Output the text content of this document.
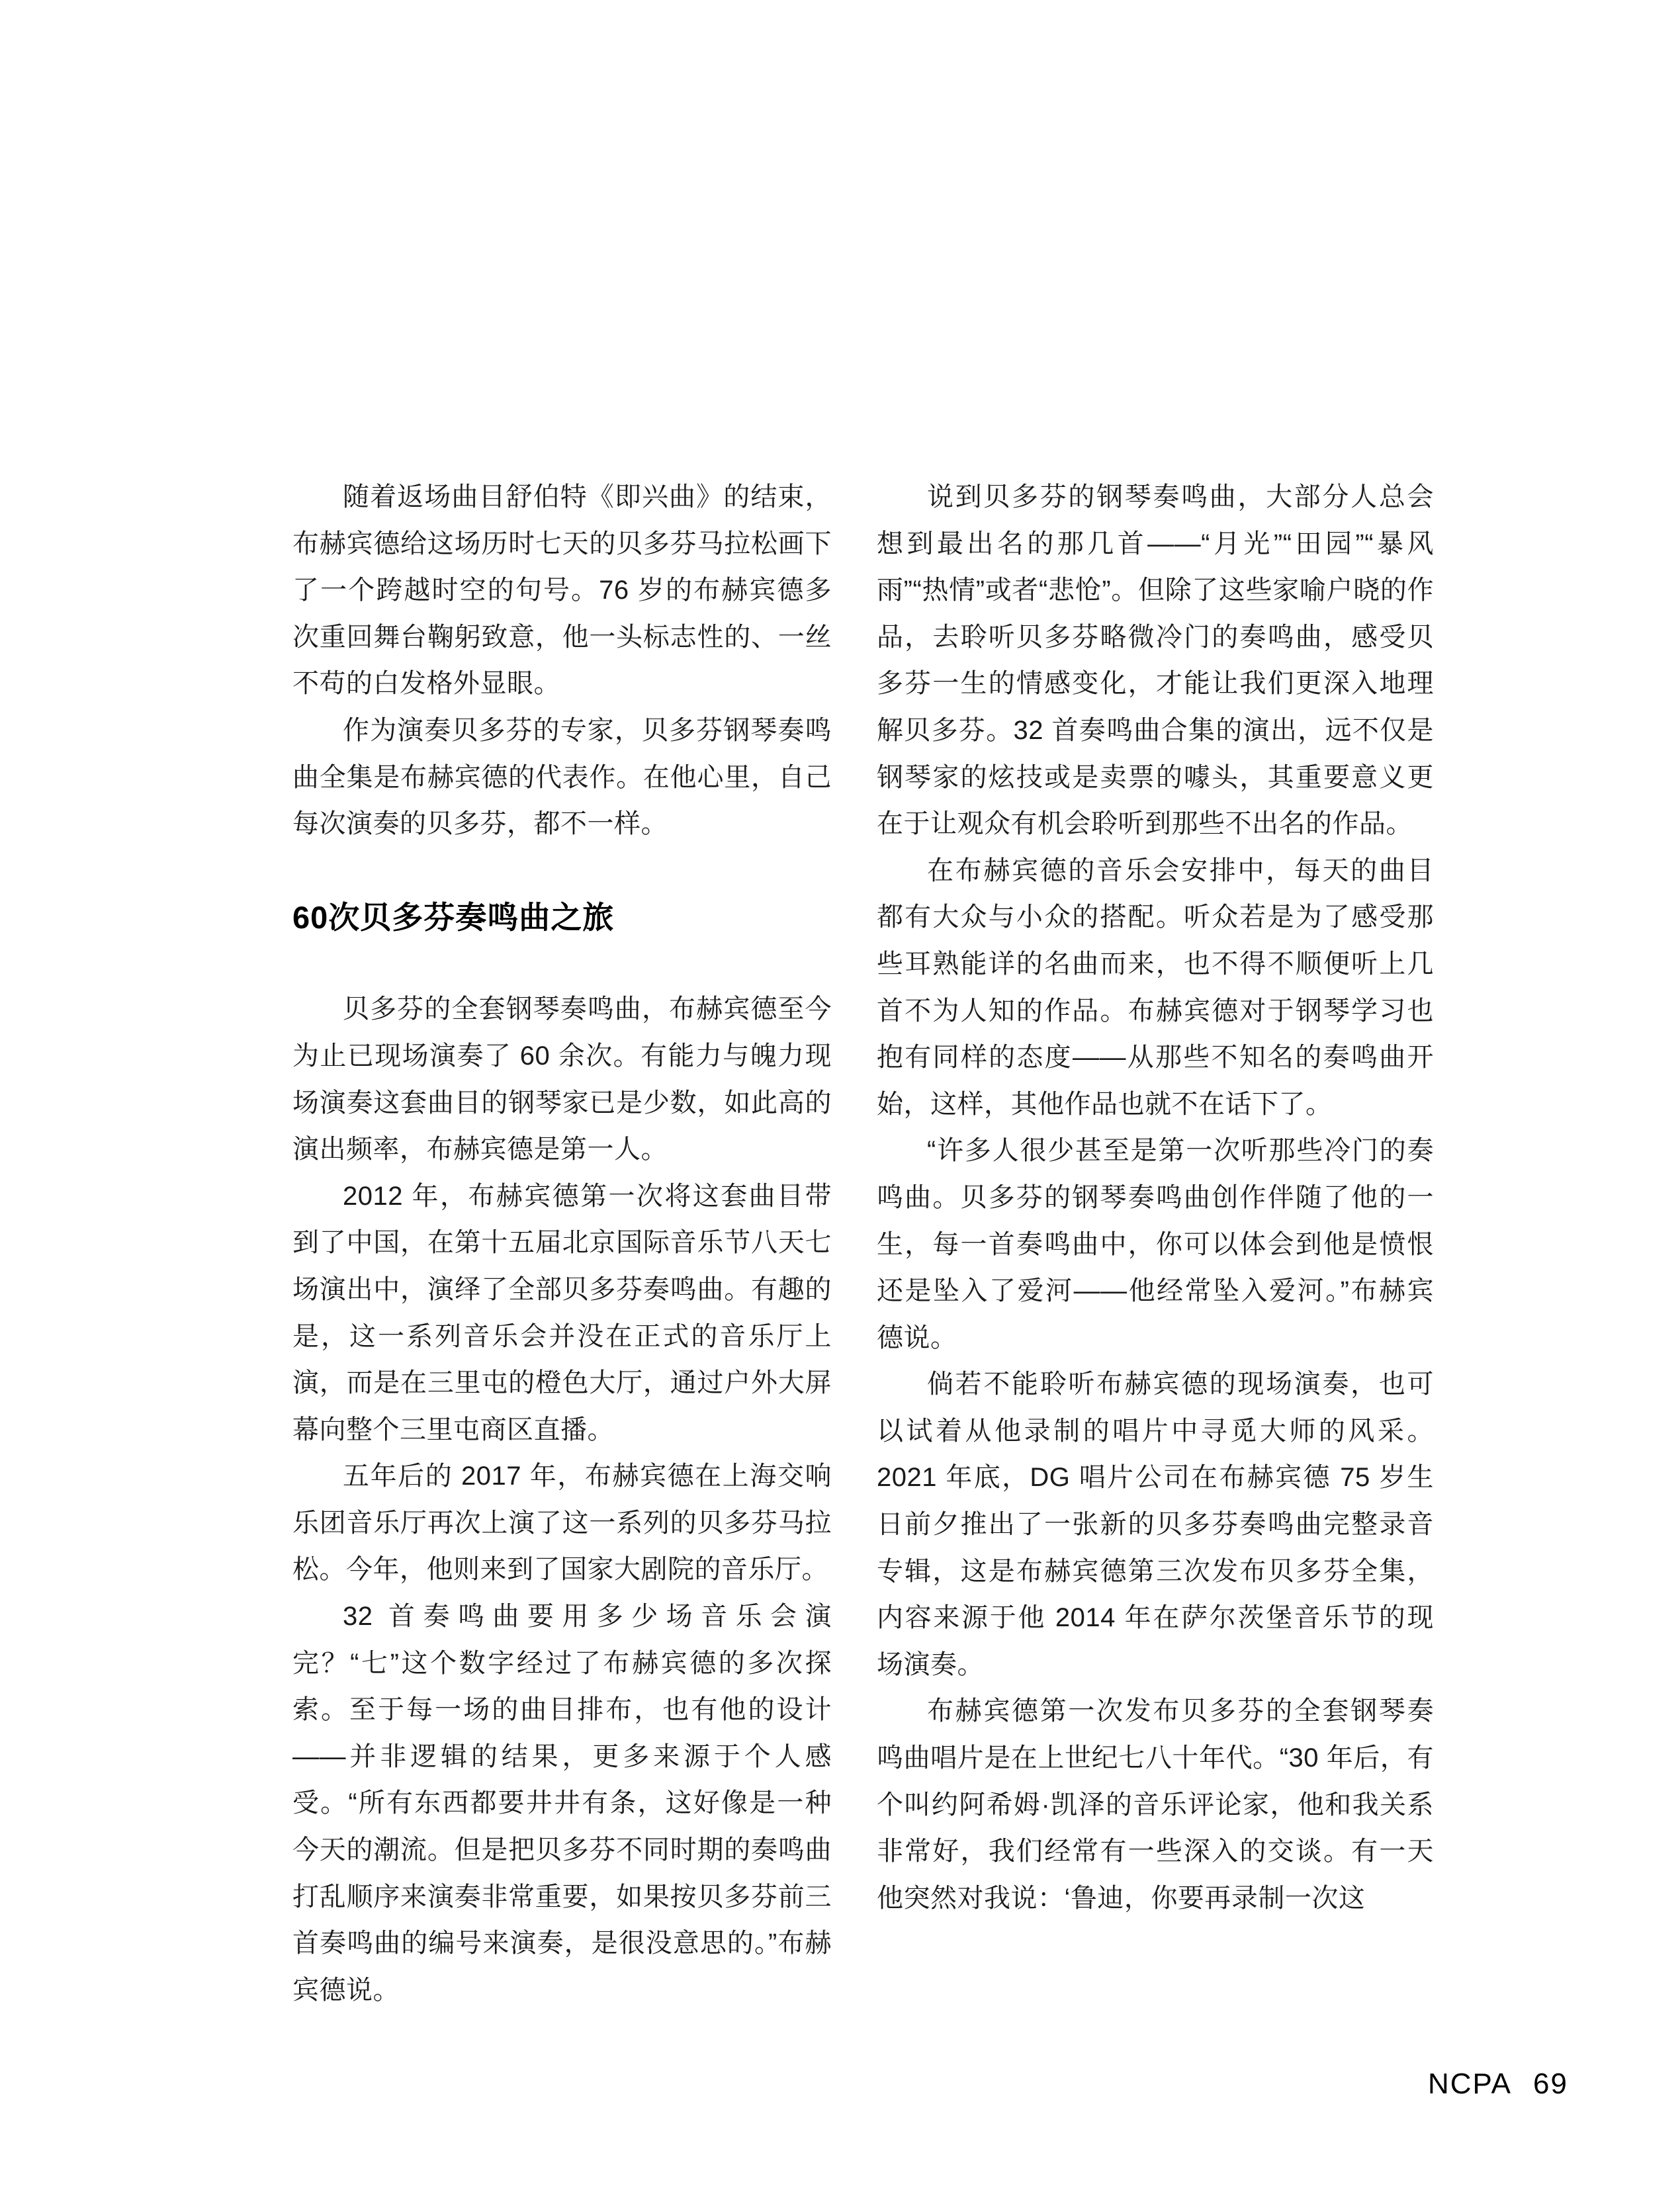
随着返场曲目舒伯特《即兴曲》的结束，布赫宾德给这场历时七天的贝多芬马拉松画下了一个跨越时空的句号。76 岁的布赫宾德多次重回舞台鞠躬致意，他一头标志性的、一丝不苟的白发格外显眼。

作为演奏贝多芬的专家，贝多芬钢琴奏鸣曲全集是布赫宾德的代表作。在他心里，自己每次演奏的贝多芬，都不一样。

60次贝多芬奏鸣曲之旅

贝多芬的全套钢琴奏鸣曲，布赫宾德至今为止已现场演奏了 60 余次。有能力与魄力现场演奏这套曲目的钢琴家已是少数，如此高的演出频率，布赫宾德是第一人。

2012 年，布赫宾德第一次将这套曲目带到了中国，在第十五届北京国际音乐节八天七场演出中，演绎了全部贝多芬奏鸣曲。有趣的是，这一系列音乐会并没在正式的音乐厅上演，而是在三里屯的橙色大厅，通过户外大屏幕向整个三里屯商区直播。

五年后的 2017 年，布赫宾德在上海交响乐团音乐厅再次上演了这一系列的贝多芬马拉松。今年，他则来到了国家大剧院的音乐厅。

32 首奏鸣曲要用多少场音乐会演完？“七”这个数字经过了布赫宾德的多次探索。至于每一场的曲目排布，也有他的设计——并非逻辑的结果，更多来源于个人感受。“所有东西都要井井有条，这好像是一种今天的潮流。但是把贝多芬不同时期的奏鸣曲打乱顺序来演奏非常重要，如果按贝多芬前三首奏鸣曲的编号来演奏，是很没意思的。”布赫宾德说。

说到贝多芬的钢琴奏鸣曲，大部分人总会想到最出名的那几首——“月光”“田园”“暴风雨”“热情”或者“悲怆”。但除了这些家喻户晓的作品，去聆听贝多芬略微冷门的奏鸣曲，感受贝多芬一生的情感变化，才能让我们更深入地理解贝多芬。32 首奏鸣曲合集的演出，远不仅是钢琴家的炫技或是卖票的噱头，其重要意义更在于让观众有机会聆听到那些不出名的作品。

在布赫宾德的音乐会安排中，每天的曲目都有大众与小众的搭配。听众若是为了感受那些耳熟能详的名曲而来，也不得不顺便听上几首不为人知的作品。布赫宾德对于钢琴学习也抱有同样的态度——从那些不知名的奏鸣曲开始，这样，其他作品也就不在话下了。

“许多人很少甚至是第一次听那些冷门的奏鸣曲。贝多芬的钢琴奏鸣曲创作伴随了他的一生，每一首奏鸣曲中，你可以体会到他是愤恨还是坠入了爱河——他经常坠入爱河。”布赫宾德说。

倘若不能聆听布赫宾德的现场演奏，也可以试着从他录制的唱片中寻觅大师的风采。2021 年底，DG 唱片公司在布赫宾德 75 岁生日前夕推出了一张新的贝多芬奏鸣曲完整录音专辑，这是布赫宾德第三次发布贝多芬全集，内容来源于他 2014 年在萨尔茨堡音乐节的现场演奏。

布赫宾德第一次发布贝多芬的全套钢琴奏鸣曲唱片是在上世纪七八十年代。“30 年后，有个叫约阿希姆·凯泽的音乐评论家，他和我关系非常好，我们经常有一些深入的交谈。有一天他突然对我说：‘鲁迪，你要再录制一次这

NCPA 69
